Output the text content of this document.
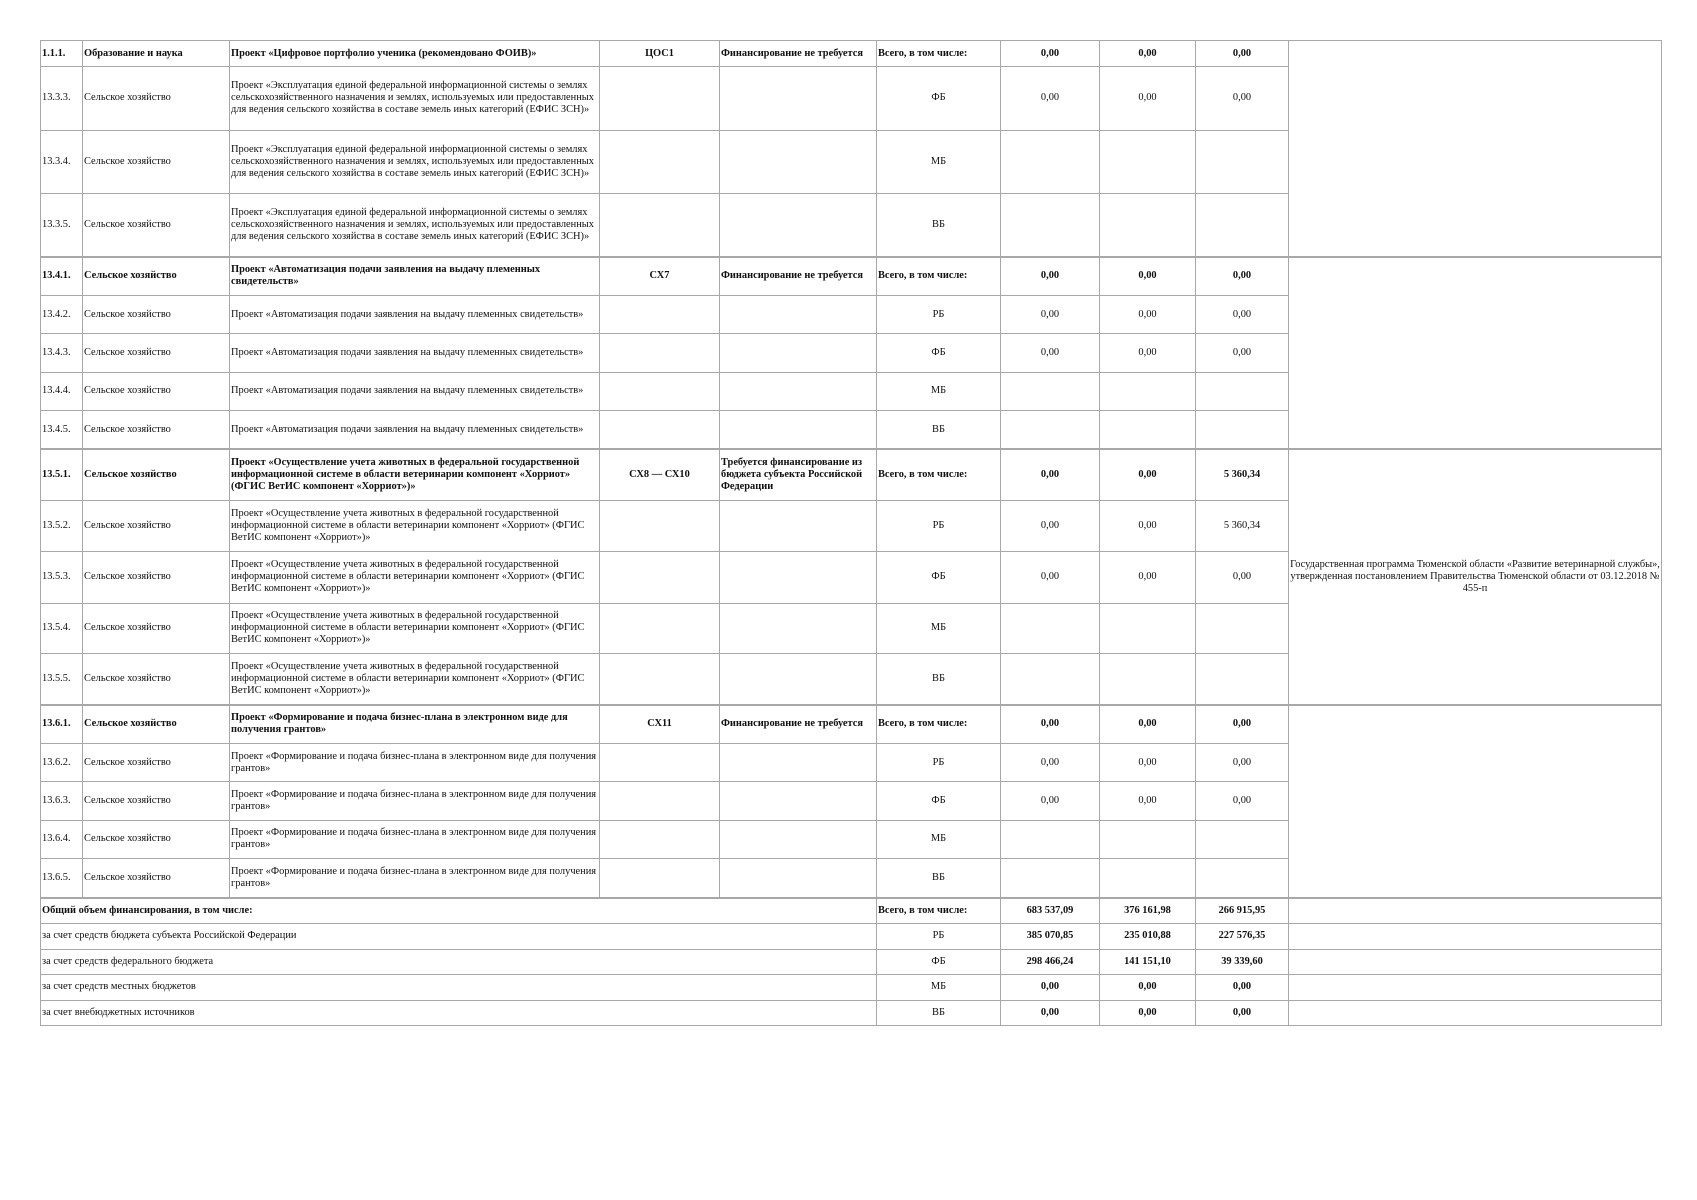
1.1.1.	Образование и наука	Проект «Цифровое портфолио ученика (рекомендовано ФОИВ)»	ЦОС1	Финансирование не требуется	Всего, в том числе:	0,00	0,00	0,00	
13.3.3.	Сельское хозяйство	Проект «Эксплуатация единой федеральной информационной системы о землях сельскохозяйственного назначения и землях, используемых или предоставленных для ведения сельского хозяйства в составе земель иных категорий (ЕФИС ЗСН)»			ФБ	0,00	0,00	0,00	
13.3.4.	Сельское хозяйство	Проект «Эксплуатация единой федеральной информационной системы о землях сельскохозяйственного назначения и землях, используемых или предоставленных для ведения сельского хозяйства в составе земель иных категорий (ЕФИС ЗСН)»			МБ				
13.3.5.	Сельское хозяйство	Проект «Эксплуатация единой федеральной информационной системы о землях сельскохозяйственного назначения и землях, используемых или предоставленных для ведения сельского хозяйства в составе земель иных категорий (ЕФИС ЗСН)»			ВБ				
13.4.1.	Сельское хозяйство	Проект «Автоматизация подачи заявления на выдачу племенных свидетельств»	СХ7	Финансирование не требуется	Всего, в том числе:	0,00	0,00	0,00	
13.4.2.	Сельское хозяйство	Проект «Автоматизация подачи заявления на выдачу племенных свидетельств»			РБ	0,00	0,00	0,00	
13.4.3.	Сельское хозяйство	Проект «Автоматизация подачи заявления на выдачу племенных свидетельств»			ФБ	0,00	0,00	0,00	
13.4.4.	Сельское хозяйство	Проект «Автоматизация подачи заявления на выдачу племенных свидетельств»			МБ				
13.4.5.	Сельское хозяйство	Проект «Автоматизация подачи заявления на выдачу племенных свидетельств»			ВБ				
13.5.1.	Сельское хозяйство	Проект «Осуществление учета животных в федеральной государственной информационной системе в области ветеринарии компонент «Хорриот» (ФГИС ВетИС компонент «Хорриот»)»	СХ8 — СХ10	Требуется финансирование из бюджета субъекта Российской Федерации	Всего, в том числе:	0,00	0,00	5 360,34	Государственная программа Тюменской области «Развитие ветеринарной службы», утвержденная постановлением Правительства Тюменской области от 03.12.2018 № 455-п
13.5.2.	Сельское хозяйство	Проект «Осуществление учета животных в федеральной государственной информационной системе в области ветеринарии компонент «Хорриот» (ФГИС ВетИС компонент «Хорриот»)»			РБ	0,00	0,00	5 360,34	
13.5.3.	Сельское хозяйство	Проект «Осуществление учета животных в федеральной государственной информационной системе в области ветеринарии компонент «Хорриот» (ФГИС ВетИС компонент «Хорриот»)»			ФБ	0,00	0,00	0,00	
13.5.4.	Сельское хозяйство	Проект «Осуществление учета животных в федеральной государственной информационной системе в области ветеринарии компонент «Хорриот» (ФГИС ВетИС компонент «Хорриот»)»			МБ				
13.5.5.	Сельское хозяйство	Проект «Осуществление учета животных в федеральной государственной информационной системе в области ветеринарии компонент «Хорриот» (ФГИС ВетИС компонент «Хорриот»)»			ВБ				
13.6.1.	Сельское хозяйство	Проект «Формирование и подача бизнес-плана в электронном виде для получения грантов»	СХ11	Финансирование не требуется	Всего, в том числе:	0,00	0,00	0,00	
13.6.2.	Сельское хозяйство	Проект «Формирование и подача бизнес-плана в электронном виде для получения грантов»			РБ	0,00	0,00	0,00	
13.6.3.	Сельское хозяйство	Проект «Формирование и подача бизнес-плана в электронном виде для получения грантов»			ФБ	0,00	0,00	0,00	
13.6.4.	Сельское хозяйство	Проект «Формирование и подача бизнес-плана в электронном виде для получения грантов»			МБ				
13.6.5.	Сельское хозяйство	Проект «Формирование и подача бизнес-плана в электронном виде для получения грантов»			ВБ				
Общий объем финансирования, в том числе:					Всего, в том числе:	683 537,09	376 161,98	266 915,95	
за счет средств бюджета субъекта Российской Федерации					РБ	385 070,85	235 010,88	227 576,35	
за счет средств федерального бюджета					ФБ	298 466,24	141 151,10	39 339,60	
за счет средств местных бюджетов					МБ	0,00	0,00	0,00	
за счет внебюджетных источников					ВБ	0,00	0,00	0,00	
